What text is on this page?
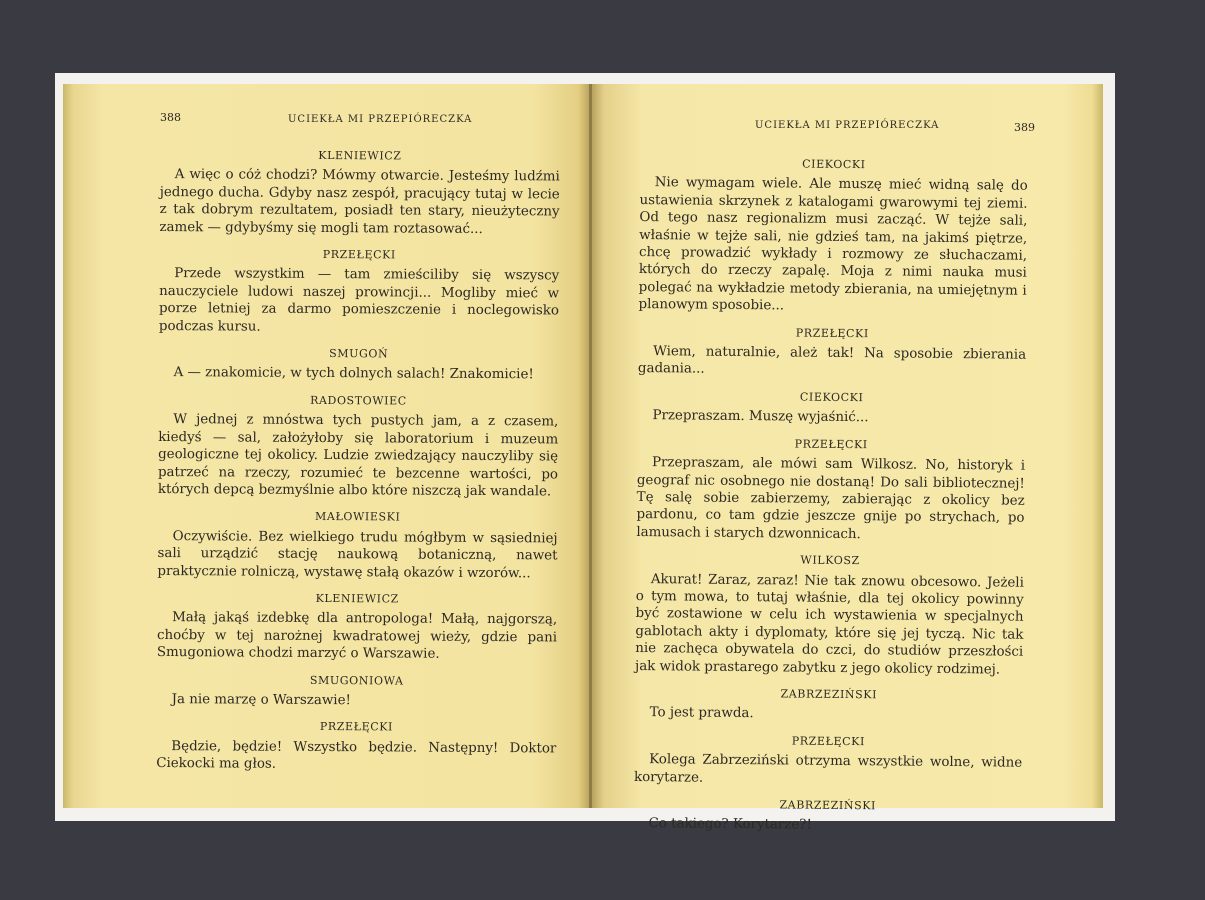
388	UCIEKŁA MI PRZEPIÓRECZKA
KLENIEWICZ

A więc o cóż chodzi? Mówmy otwarcie. Jesteśmy ludźmi jednego ducha. Gdyby nasz zespół, pracujący tutaj w lecie z tak dobrym rezultatem, posiadł ten stary, nieużyteczny zamek — gdybyśmy się mogli tam roztasować...

PRZEŁĘCKI

Przede wszystkim — tam zmieściliby się wszyscy nauczyciele ludowi naszej prowincji... Mogliby mieć w porze letniej za darmo pomieszczenie i noclegowisko podczas kursu.

SMUGOŃ

A — znakomicie, w tych dolnych salach! Znakomicie!

RADOSTOWIEC

W jednej z mnóstwa tych pustych jam, a z czasem, kiedyś — sal, założyłoby się laboratorium i muzeum geologiczne tej okolicy. Ludzie zwiedzający nauczyliby się patrzeć na rzeczy, rozumieć te bezcenne wartości, po których depcą bezmyślnie albo które niszczą jak wandale.

MAŁOWIESKI

Oczywiście. Bez wielkiego trudu mógłbym w sąsiedniej sali urządzić stację naukową botaniczną, nawet praktycznie rolniczą, wystawę stałą okazów i wzorów...

KLENIEWICZ

Małą jakąś izdebkę dla antropologa! Małą, najgorszą, choćby w tej narożnej kwadratowej wieży, gdzie pani Smugoniowa chodzi marzyć o Warszawie.

SMUGONIOWA

Ja nie marzę o Warszawie!

PRZEŁĘCKI

Będzie, będzie! Wszystko będzie. Następny! Doktor Ciekocki ma głos.

UCIEKŁA MI PRZEPIÓRECZKA	389
CIEKOCKI

Nie wymagam wiele. Ale muszę mieć widną salę do ustawienia skrzynek z katalogami gwarowymi tej ziemi. Od tego nasz regionalizm musi zacząć. W tejże sali, właśnie w tejże sali, nie gdzieś tam, na jakimś piętrze, chcę prowadzić wykłady i rozmowy ze słuchaczami, których do rzeczy zapalę. Moja z nimi nauka musi polegać na wykładzie metody zbierania, na umiejętnym i planowym sposobie...

PRZEŁĘCKI

Wiem, naturalnie, ależ tak! Na sposobie zbierania gadania...

CIEKOCKI

Przepraszam. Muszę wyjaśnić...

PRZEŁĘCKI

Przepraszam, ale mówi sam Wilkosz. No, historyk i geograf nic osobnego nie dostaną! Do sali bibliotecznej! Tę salę sobie zabierzemy, zabierając z okolicy bez pardonu, co tam gdzie jeszcze gnije po strychach, po lamusach i starych dzwonnicach.

WILKOSZ

Akurat! Zaraz, zaraz! Nie tak znowu obcesowo. Jeżeli o tym mowa, to tutaj właśnie, dla tej okolicy powinny być zostawione w celu ich wystawienia w specjalnych gablotach akty i dyplomaty, które się jej tyczą. Nic tak nie zachęca obywatela do czci, do studiów przeszłości jak widok prastarego zabytku z jego okolicy rodzimej.

ZABRZEZIŃSKI

To jest prawda.

PRZEŁĘCKI

Kolega Zabrzeziński otrzyma wszystkie wolne, widne korytarze.

ZABRZEZIŃSKI

Co takiego? Korytarze?!
